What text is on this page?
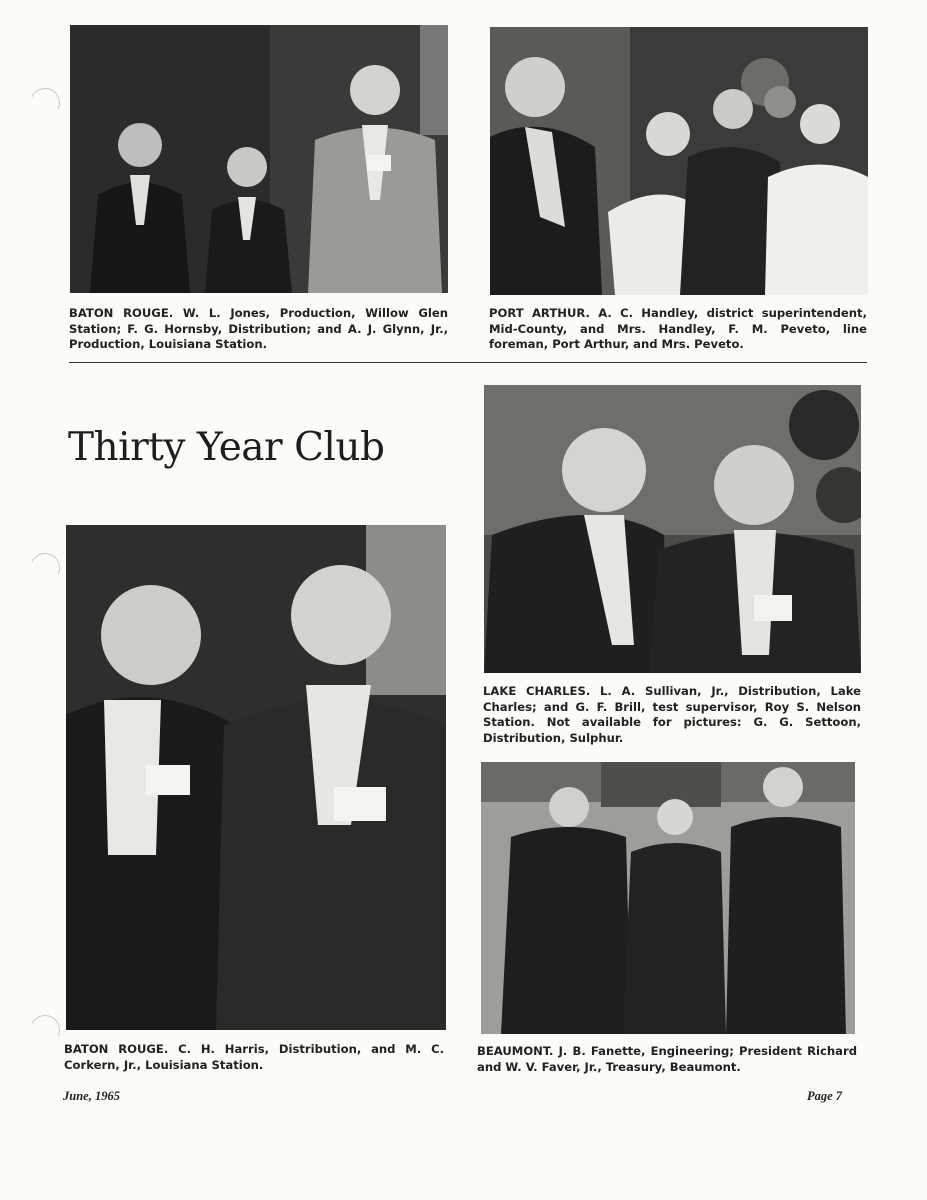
BATON ROUGE. W. L. Jones, Production, Willow Glen Station; F. G. Hornsby, Distribution; and A. J. Glynn, Jr., Production, Louisiana Station.

PORT ARTHUR. A. C. Handley, district superintendent, Mid-County, and Mrs. Handley, F. M. Peveto, line foreman, Port Arthur, and Mrs. Peveto.

Thirty Year Club

LAKE CHARLES. L. A. Sullivan, Jr., Distribution, Lake Charles; and G. F. Brill, test supervisor, Roy S. Nelson Station. Not available for pictures: G. G. Settoon, Distribution, Sulphur.

BATON ROUGE. C. H. Harris, Distribution, and M. C. Corkern, Jr., Louisiana Station.

BEAUMONT. J. B. Fanette, Engineering; President Richard and W. V. Faver, Jr., Treasury, Beaumont.

June, 1965	Page 7
